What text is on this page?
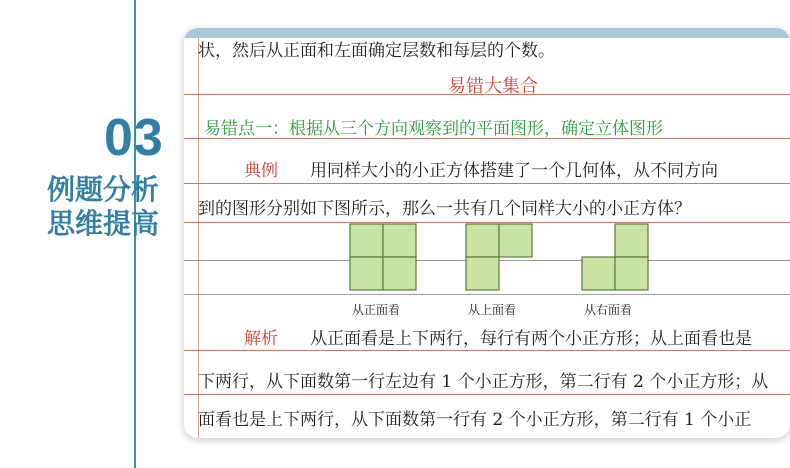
03
例题分析
思维提高
状，然后从正面和左面确定层数和每层的个数。
易错大集合
易错点一：根据从三个方向观察到的平面图形，确定立体图形
典例 用同样大小的小正方体搭建了一个几何体，从不同方向
到的图形分别如下图所示，那么一共有几个同样大小的小正方体？
从正面看	从上面看	从右面看
解析 从正面看是上下两行，每行有两个小正方形；从上面看也是
下两行，从下面数第一行左边有 1 个小正方形，第二行有 2 个小正方形；从
面看也是上下两行，从下面数第一行有 2 个小正方形，第二行有 1 个小正
